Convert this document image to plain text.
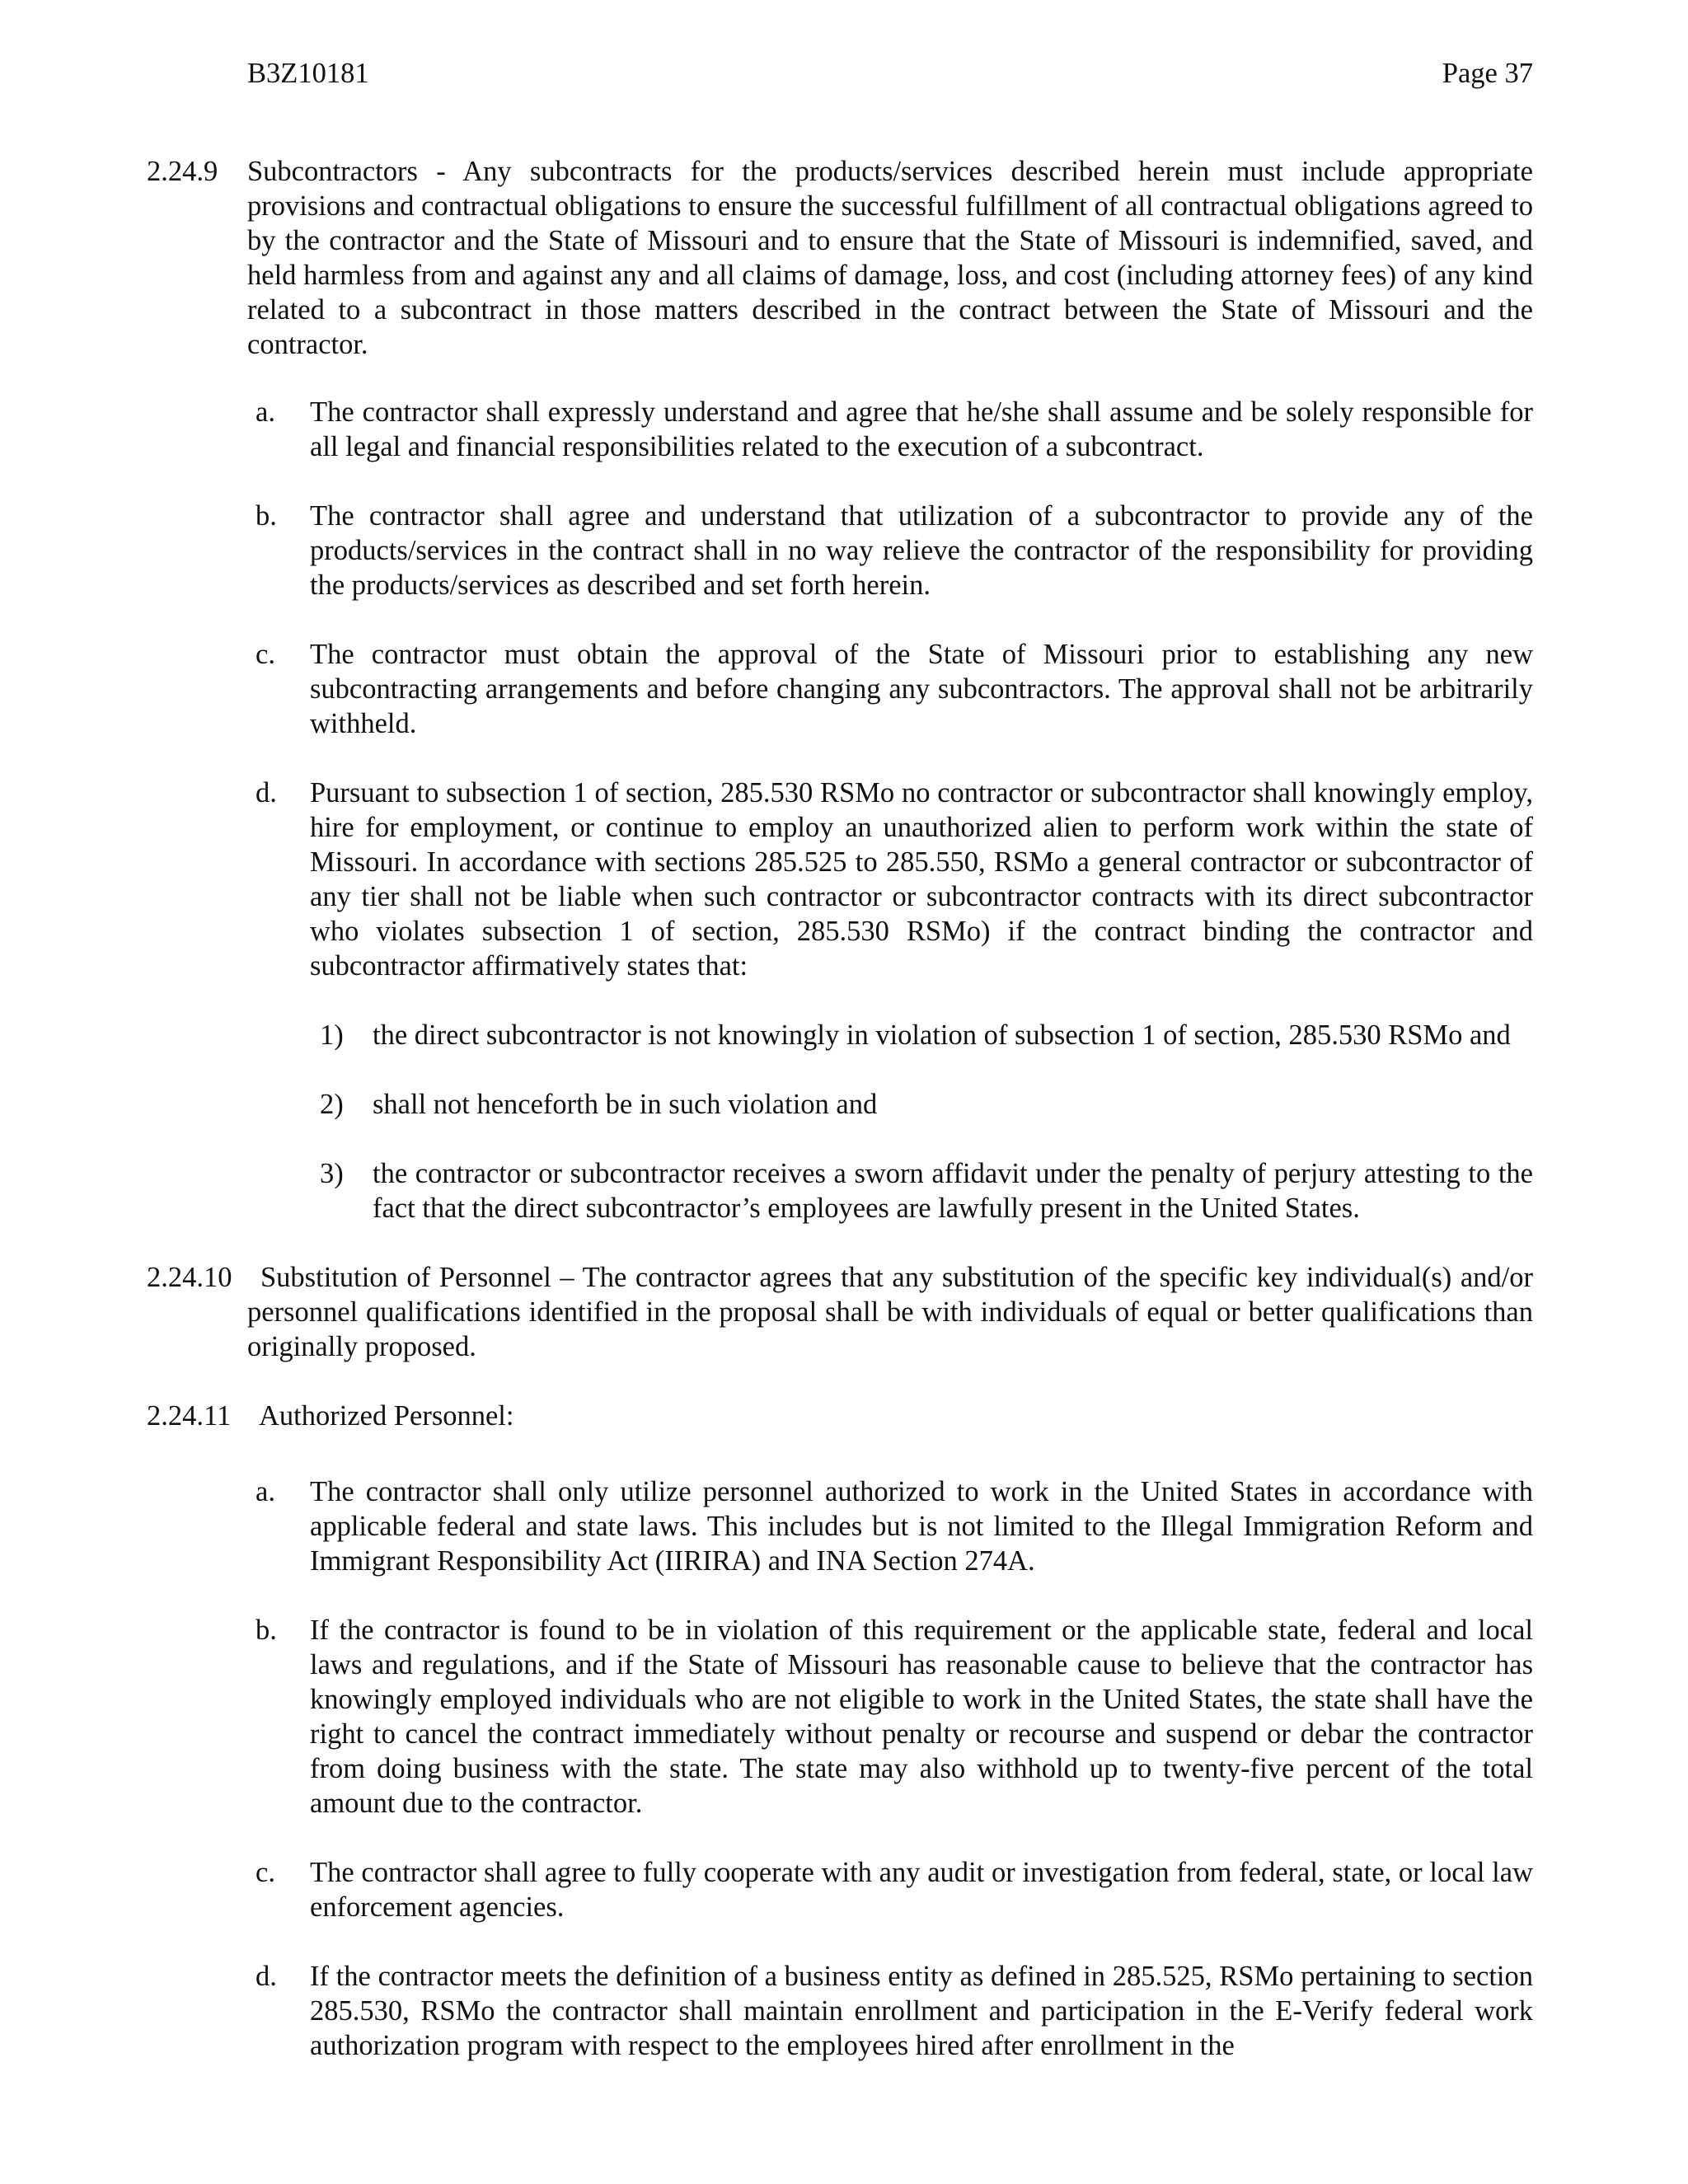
B3Z10181	Page 37
2.24.9	Subcontractors - Any subcontracts for the products/services described herein must include appropriate provisions and contractual obligations to ensure the successful fulfillment of all contractual obligations agreed to by the contractor and the State of Missouri and to ensure that the State of Missouri is indemnified, saved, and held harmless from and against any and all claims of damage, loss, and cost (including attorney fees) of any kind related to a subcontract in those matters described in the contract between the State of Missouri and the contractor.

a.	The contractor shall expressly understand and agree that he/she shall assume and be solely responsible for all legal and financial responsibilities related to the execution of a subcontract.

b.	The contractor shall agree and understand that utilization of a subcontractor to provide any of the products/services in the contract shall in no way relieve the contractor of the responsibility for providing the products/services as described and set forth herein.

c.	The contractor must obtain the approval of the State of Missouri prior to establishing any new subcontracting arrangements and before changing any subcontractors. The approval shall not be arbitrarily withheld.

d.	Pursuant to subsection 1 of section, 285.530 RSMo no contractor or subcontractor shall knowingly employ, hire for employment, or continue to employ an unauthorized alien to perform work within the state of Missouri. In accordance with sections 285.525 to 285.550, RSMo a general contractor or subcontractor of any tier shall not be liable when such contractor or subcontractor contracts with its direct subcontractor who violates subsection 1 of section, 285.530 RSMo) if the contract binding the contractor and subcontractor affirmatively states that:

1)	the direct subcontractor is not knowingly in violation of subsection 1 of section, 285.530 RSMo and

2)	shall not henceforth be in such violation and

3)	the contractor or subcontractor receives a sworn affidavit under the penalty of perjury attesting to the fact that the direct subcontractor’s employees are lawfully present in the United States.

2.24.10	Substitution of Personnel – The contractor agrees that any substitution of the specific key individual(s) and/or personnel qualifications identified in the proposal shall be with individuals of equal or better qualifications than originally proposed.

2.24.11 Authorized Personnel:

a.	The contractor shall only utilize personnel authorized to work in the United States in accordance with applicable federal and state laws. This includes but is not limited to the Illegal Immigration Reform and Immigrant Responsibility Act (IIRIRA) and INA Section 274A.

b.	If the contractor is found to be in violation of this requirement or the applicable state, federal and local laws and regulations, and if the State of Missouri has reasonable cause to believe that the contractor has knowingly employed individuals who are not eligible to work in the United States, the state shall have the right to cancel the contract immediately without penalty or recourse and suspend or debar the contractor from doing business with the state. The state may also withhold up to twenty-five percent of the total amount due to the contractor.

c.	The contractor shall agree to fully cooperate with any audit or investigation from federal, state, or local law enforcement agencies.

d.	If the contractor meets the definition of a business entity as defined in 285.525, RSMo pertaining to section 285.530, RSMo the contractor shall maintain enrollment and participation in the E-Verify federal work authorization program with respect to the employees hired after enrollment in the
